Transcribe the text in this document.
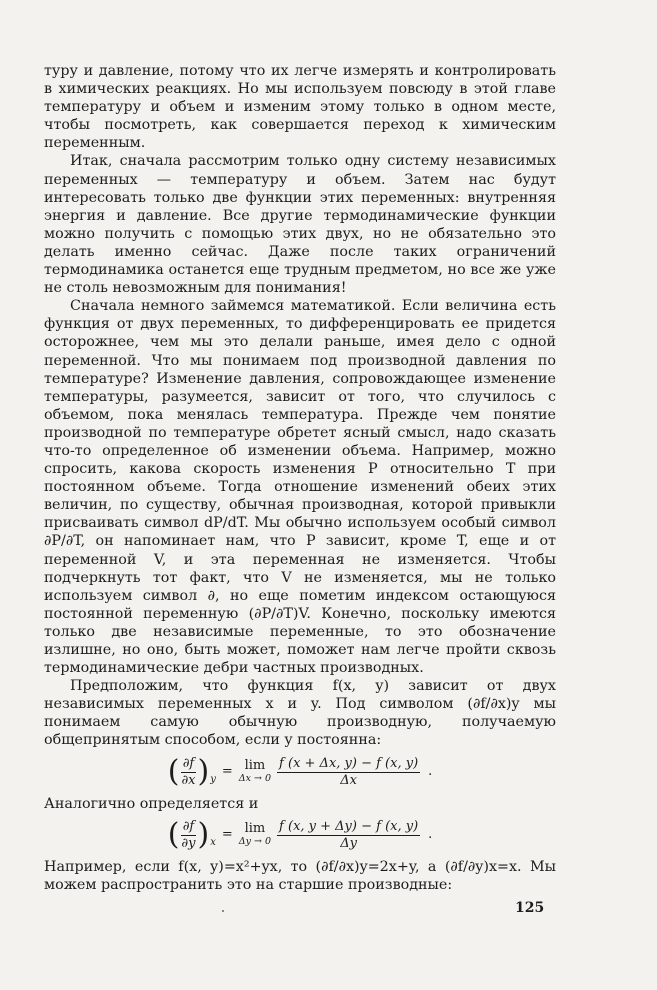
туру и давление, потому что их легче измерять и контролировать в химических реакциях. Но мы используем повсюду в этой главе температуру и объем и изменим этому только в одном месте, чтобы посмотреть, как совершается переход к химическим переменным.

Итак, сначала рассмотрим только одну систему независимых переменных — температуру и объем. Затем нас будут интересовать только две функции этих переменных: внутренняя энергия и давление. Все другие термодинамические функции можно получить с помощью этих двух, но не обязательно это делать именно сейчас. Даже после таких ограничений термодинамика останется еще трудным предметом, но все же уже не столь невозможным для понимания!

Сначала немного займемся математикой. Если величина есть функция от двух переменных, то дифференцировать ее придется осторожнее, чем мы это делали раньше, имея дело с одной переменной. Что мы понимаем под производной давления по температуре? Изменение давления, сопровождающее изменение температуры, разумеется, зависит от того, что случилось с объемом, пока менялась температура. Прежде чем понятие производной по температуре обретет ясный смысл, надо сказать что-то определенное об изменении объема. Например, можно спросить, какова скорость изменения P относительно T при постоянном объеме. Тогда отношение изменений обеих этих величин, по существу, обычная производная, которой привыкли присваивать символ dP/dT. Мы обычно используем особый символ ∂P/∂T, он напоминает нам, что P зависит, кроме T, еще и от переменной V, и эта переменная не изменяется. Чтобы подчеркнуть тот факт, что V не изменяется, мы не только используем символ ∂, но еще пометим индексом остающуюся постоянной переменную (∂P/∂T)V. Конечно, поскольку имеются только две независимые переменные, то это обозначение излишне, но оно, быть может, поможет нам легче пройти сквозь термодинамические дебри частных производных.

Предположим, что функция f(x, y) зависит от двух независимых переменных x и y. Под символом (∂f/∂x)y мы понимаем самую обычную производную, получаемую общепринятым способом, если y постоянна:

( $\frac{\partial f}{\partial x}$ ) y
= lim
$\Delta x \to 0 \frac{f (x + \Delta x, y) - f (x, y)}{\Delta x}$ .

Аналогично определяется и

( $\frac{\partial f}{\partial y}$ ) x
= lim
$\Delta y \to 0 \frac{f (x, y + \Delta y) - f (x, y)}{\Delta y}$ .

Например, если f(x, y)=x²+yx, то (∂f/∂x)y=2x+y, а (∂f/∂y)x=x. Мы можем распространить это на старшие производные:

125
